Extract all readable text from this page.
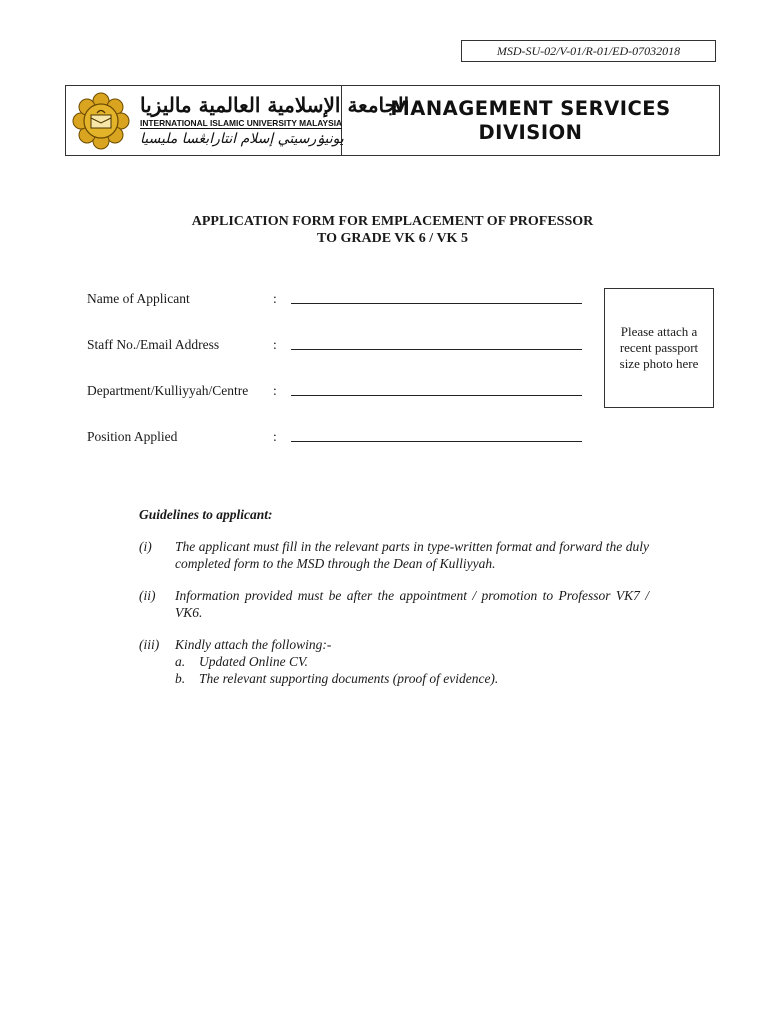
MSD-SU-02/V-01/R-01/ED-07032018
الجامعة الإسلامية العالمية ماليزيا
INTERNATIONAL ISLAMIC UNIVERSITY MALAYSIA
يونيۏرسيتي إسلام انتارابڠسا مليسيا
MANAGEMENT SERVICES
DIVISION
APPLICATION FORM FOR EMPLACEMENT OF PROFESSOR
TO GRADE VK 6 / VK 5
Name of Applicant	:
Staff No./Email Address	:
Department/Kulliyyah/Centre :
Position Applied	:
Please attach a
recent passport
size photo here
Guidelines to applicant:
(i) The applicant must fill in the relevant parts in type-written format and forward the duly completed form to the MSD through the Dean of Kulliyyah.
(ii) Information provided must be after the appointment / promotion to Professor VK7 / VK6.
(iii) Kindly attach the following:-
a. Updated Online CV.
b. The relevant supporting documents (proof of evidence).
